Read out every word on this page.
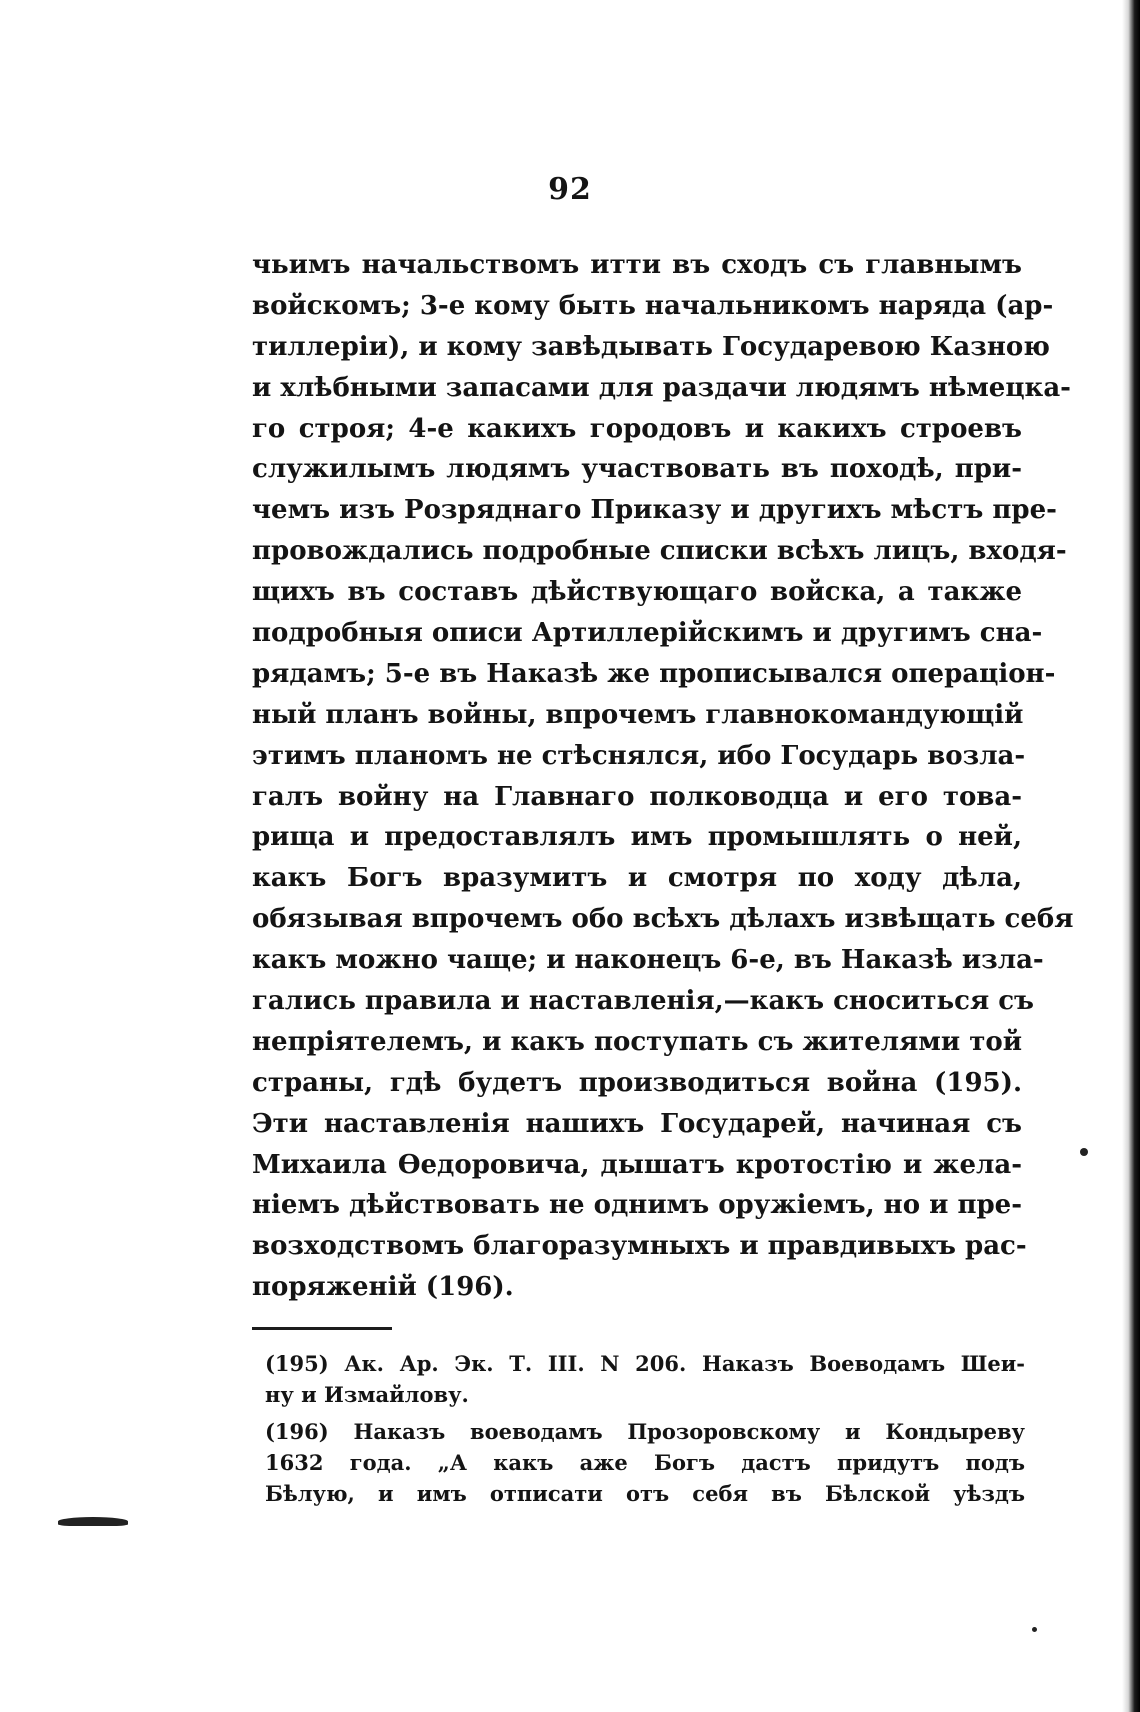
92
чьимъ начальствомъ итти въ сходъ съ главнымъ
войскомъ; 3-е кому быть начальникомъ наряда (ар-
тиллеріи), и кому завѣдывать Государевою Казною
и хлѣбными запасами для раздачи людямъ нѣмецка-
го строя; 4-е какихъ городовъ и какихъ строевъ
служилымъ людямъ участвовать въ походѣ, при-
чемъ изъ Розряднаго Приказу и другихъ мѣстъ пре-
провождались подробные списки всѣхъ лицъ, входя-
щихъ въ составъ дѣйствующаго войска, а также
подробныя описи Артиллерійскимъ и другимъ сна-
рядамъ; 5-е въ Наказѣ же прописывался операціон-
ный планъ войны, впрочемъ главнокомандующій
этимъ планомъ не стѣснялся, ибо Государь возла-
галъ войну на Главнаго полководца и его това-
рища и предоставлялъ имъ промышлять о ней,
какъ Богъ вразумитъ и смотря по ходу дѣла,
обязывая впрочемъ обо всѣхъ дѣлахъ извѣщать себя
какъ можно чаще; и наконецъ 6-е, въ Наказѣ изла-
гались правила и наставленія,—какъ сноситься съ
непріятелемъ, и какъ поступать съ жителями той
страны, гдѣ будетъ производиться война (195).
Эти наставленія нашихъ Государей, начиная съ
Михаила Ѳедоровича, дышатъ кротостію и жела-
ніемъ дѣйствовать не однимъ оружіемъ, но и пре-
возходствомъ благоразумныхъ и правдивыхъ рас-
поряженій (196).
(195) Ак. Ар. Эк. Т. III. N 206. Наказъ Воеводамъ Шеи-
ну и Измайлову.
(196) Наказъ воеводамъ Прозоровскому и Кондыреву
1632 года. „А какъ аже Богъ дастъ придутъ подъ
Бѣлую, и имъ отписати отъ себя въ Бѣлской уѣздъ
